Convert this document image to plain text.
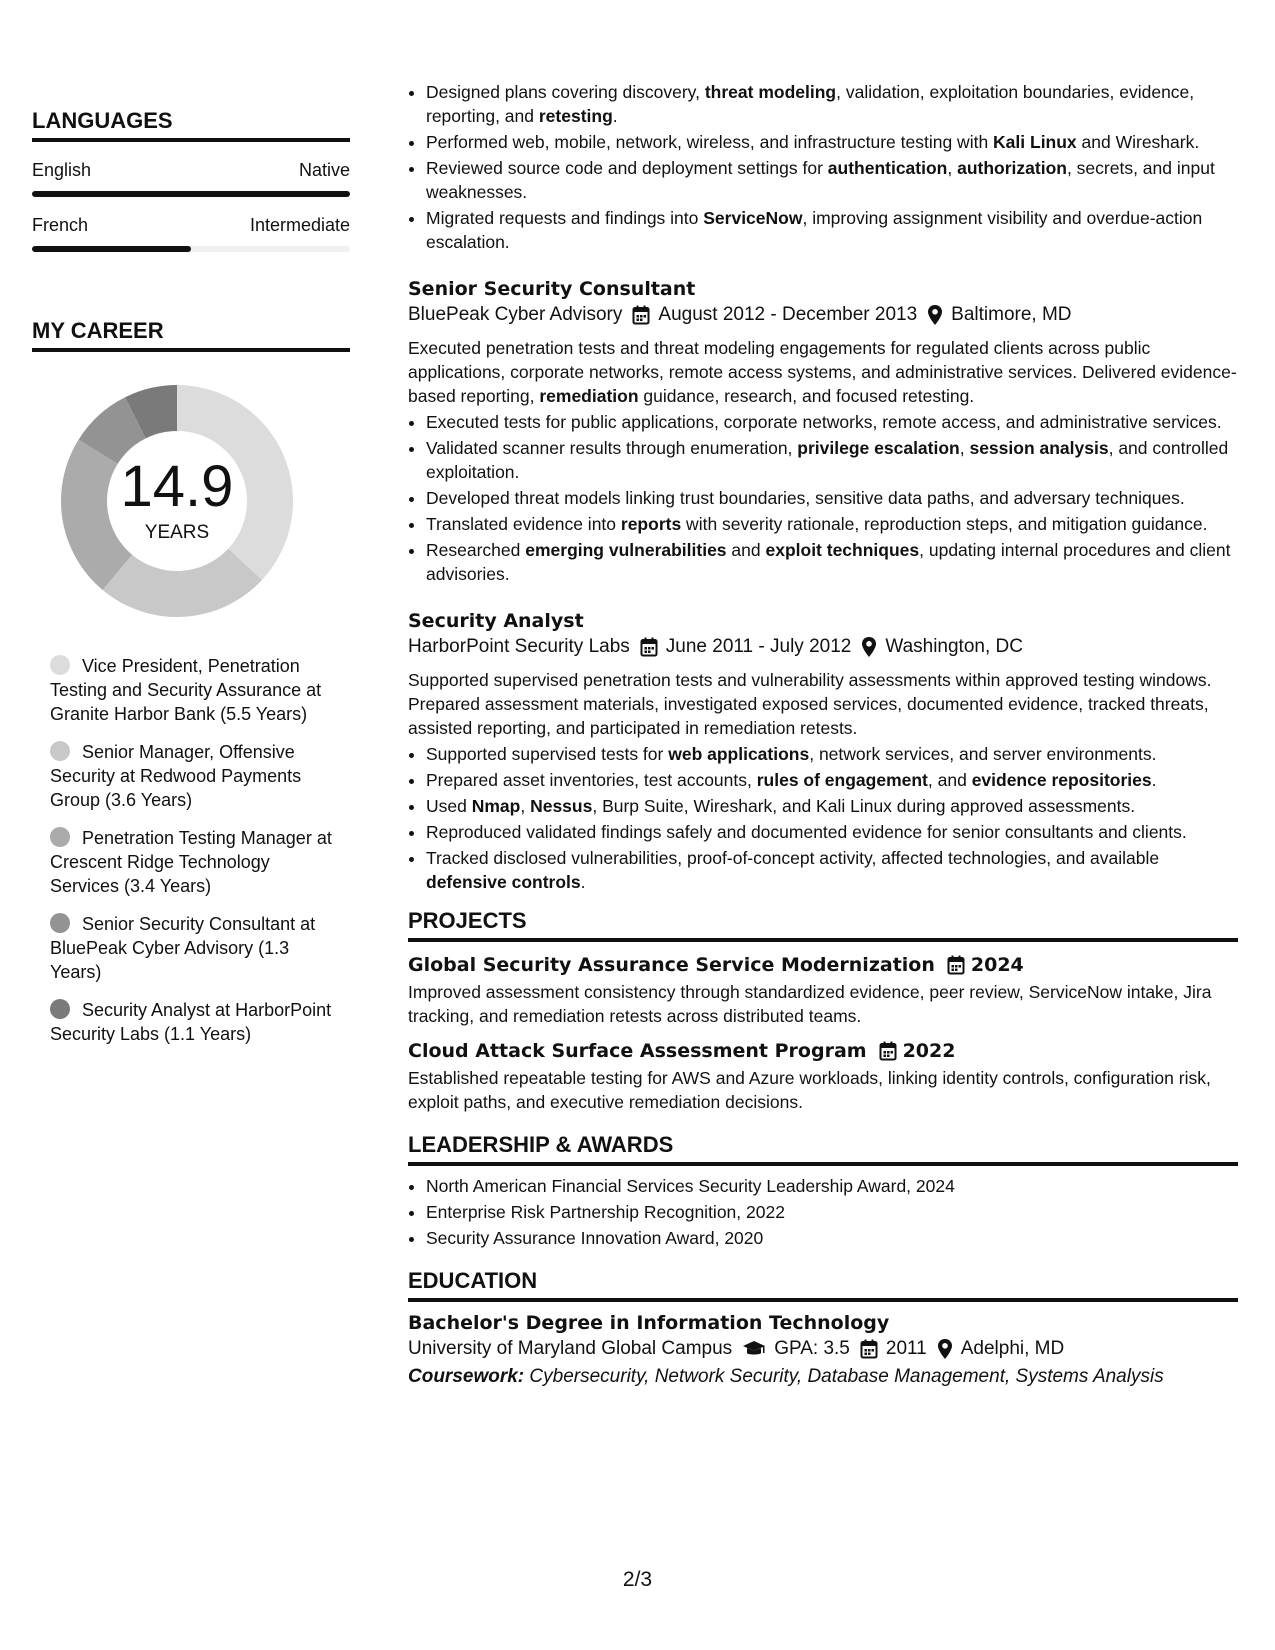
LANGUAGES
English	Native
French	Intermediate
MY CAREER
14.9
YEARS
Vice President, Penetration Testing and Security Assurance at Granite Harbor Bank (5.5 Years)
Senior Manager, Offensive Security at Redwood Payments Group (3.6 Years)
Penetration Testing Manager at Crescent Ridge Technology Services (3.4 Years)
Senior Security Consultant at BluePeak Cyber Advisory (1.3 Years)
Security Analyst at HarborPoint Security Labs (1.1 Years)
• Designed plans covering discovery, threat modeling, validation, exploitation boundaries, evidence, reporting, and retesting.
• Performed web, mobile, network, wireless, and infrastructure testing with Kali Linux and Wireshark.
• Reviewed source code and deployment settings for authentication, authorization, secrets, and input weaknesses.
• Migrated requests and findings into ServiceNow, improving assignment visibility and overdue-action escalation.
Senior Security Consultant
BluePeak Cyber Advisory August 2012 - December 2013 Baltimore, MD

Executed penetration tests and threat modeling engagements for regulated clients across public applications, corporate networks, remote access systems, and administrative services. Delivered evidence-based reporting, remediation guidance, research, and focused retesting.

• Executed tests for public applications, corporate networks, remote access, and administrative services.
• Validated scanner results through enumeration, privilege escalation, session analysis, and controlled exploitation.
• Developed threat models linking trust boundaries, sensitive data paths, and adversary techniques.
• Translated evidence into reports with severity rationale, reproduction steps, and mitigation guidance.
• Researched emerging vulnerabilities and exploit techniques, updating internal procedures and client advisories.
Security Analyst
HarborPoint Security Labs June 2011 - July 2012 Washington, DC

Supported supervised penetration tests and vulnerability assessments within approved testing windows. Prepared assessment materials, investigated exposed services, documented evidence, tracked threats, assisted reporting, and participated in remediation retests.

• Supported supervised tests for web applications, network services, and server environments.
• Prepared asset inventories, test accounts, rules of engagement, and evidence repositories.
• Used Nmap, Nessus, Burp Suite, Wireshark, and Kali Linux during approved assessments.
• Reproduced validated findings safely and documented evidence for senior consultants and clients.
• Tracked disclosed vulnerabilities, proof-of-concept activity, affected technologies, and available defensive controls.
PROJECTS
Global Security Assurance Service Modernization 2024

Improved assessment consistency through standardized evidence, peer review, ServiceNow intake, Jira tracking, and remediation retests across distributed teams.

Cloud Attack Surface Assessment Program 2022

Established repeatable testing for AWS and Azure workloads, linking identity controls, configuration risk, exploit paths, and executive remediation decisions.

LEADERSHIP & AWARDS
• North American Financial Services Security Leadership Award, 2024
• Enterprise Risk Partnership Recognition, 2022
• Security Assurance Innovation Award, 2020
EDUCATION
Bachelor's Degree in Information Technology
University of Maryland Global Campus GPA: 3.5 2011 Adelphi, MD
Coursework: Cybersecurity, Network Security, Database Management, Systems Analysis
2/3
